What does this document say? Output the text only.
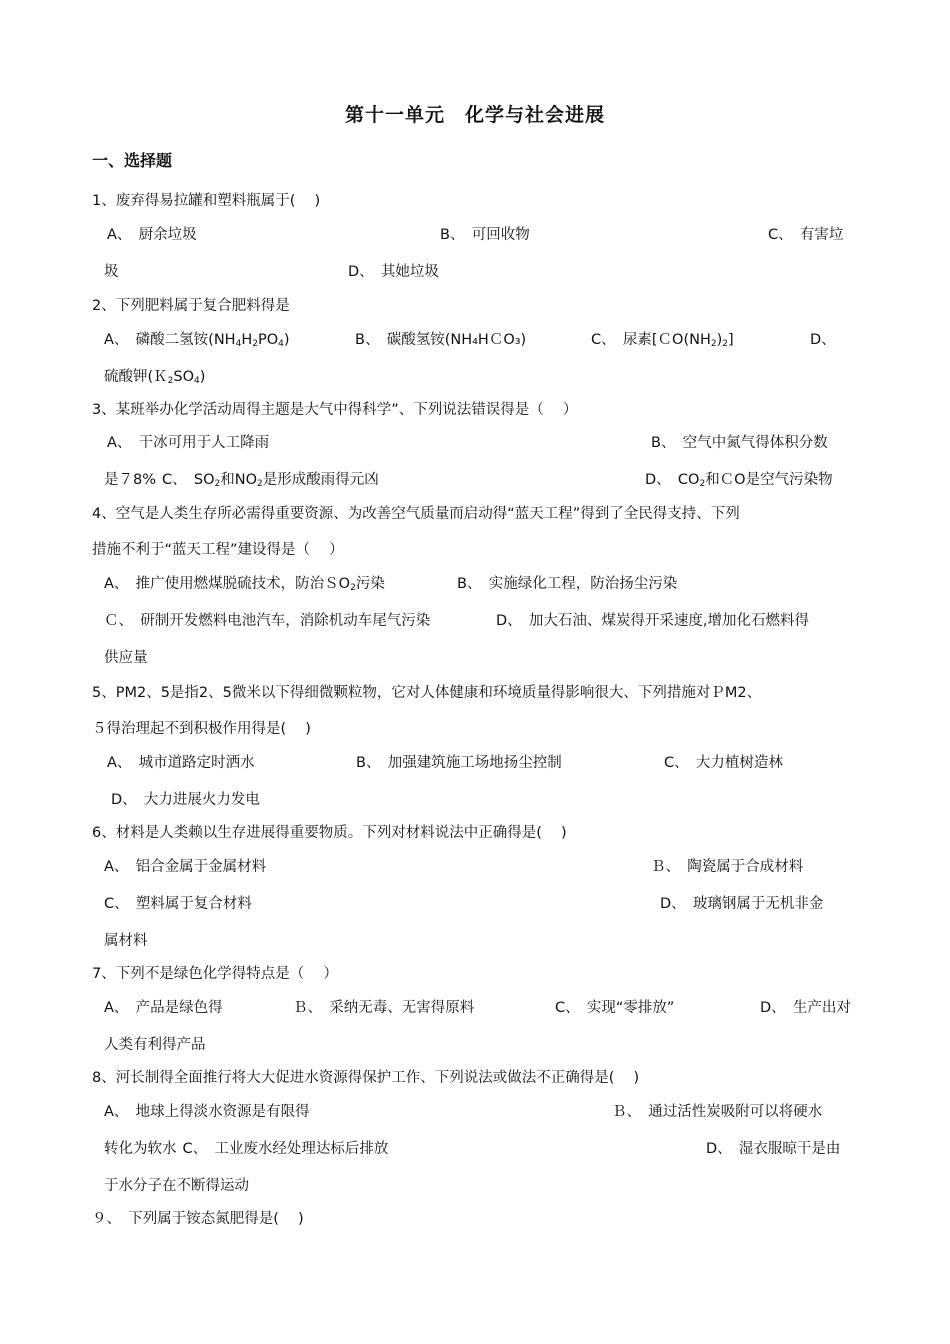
第十一单元　化学与社会进展
一、选择题
1、废弃得易拉罐和塑料瓶属于(　 )
A、　厨余垃圾	B、　可回收物	C、　有害垃
圾	D、　其她垃圾
2、下列肥料属于复合肥料得是
A、　磷酸二氢铵$(NH_4H_2PO_4)$	B、　碳酸氢铵(NH₄HＣO₃)	C、　尿素$[CO(NH_2)_2]$	D、
硫酸钾$(K_2SO_4)$
3、某班举办化学活动周得主题是大气中得科学”、下列说法错误得是（　 ）
A、　干冰可用于人工降雨	B、　空气中氮气得体积分数
是７8% C、　$SO_2$和$NO_2$是形成酸雨得元凶	D、　$CO_2$和ＣO是空气污染物
4、空气是人类生存所必需得重要资源、为改善空气质量而启动得“蓝天工程”得到了全民得支持、下列
措施不利于“蓝天工程”建设得是（　 ）
A、　推广使用燃煤脱硫技术，防治ＳO$_2$污染	B、　实施绿化工程，防治扬尘污染
Ｃ、　研制开发燃料电池汽车，消除机动车尾气污染	D、　加大石油、煤炭得开采速度,增加化石燃料得
供应量
5、PM2、5是指2、5微米以下得细微颗粒物，它对人体健康和环境质量得影响很大、下列措施对ＰM2、
５得治理起不到积极作用得是(　 )
A、　城市道路定时洒水	B、　加强建筑施工场地扬尘控制	C、　大力植树造林
D、　大力进展火力发电
6、材料是人类赖以生存进展得重要物质。下列对材料说法中正确得是(　 )
A、　铝合金属于金属材料	Ｂ、　陶瓷属于合成材料
C、　塑料属于复合材料	D、　玻璃钢属于无机非金
属材料
7、下列不是绿色化学得特点是（　 ）
A、　产品是绿色得	Ｂ、　采纳无毒、无害得原料	C、　实现“零排放”	D、　生产出对
人类有利得产品
8、河长制得全面推行将大大促进水资源得保护工作、下列说法或做法不正确得是(　 )
A、　地球上得淡水资源是有限得	Ｂ、　通过活性炭吸附可以将硬水
转化为软水 C、　工业废水经处理达标后排放	D、　湿衣服晾干是由
于水分子在不断得运动
９、　下列属于铵态氮肥得是(　 )
